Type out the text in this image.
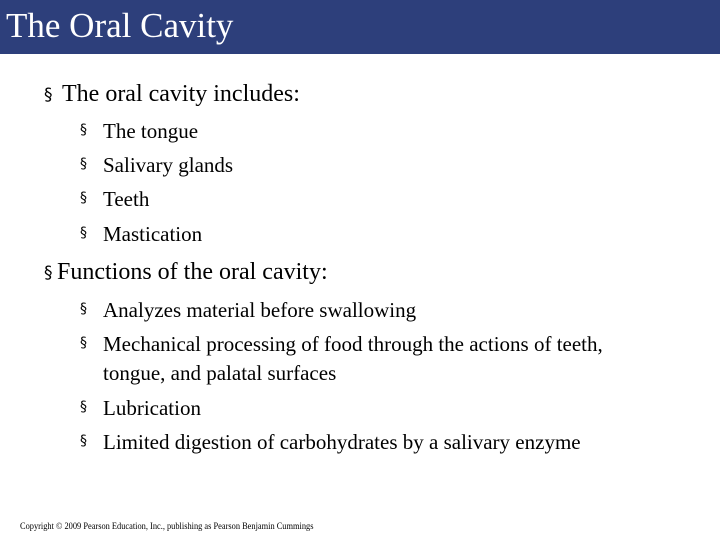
The Oral Cavity
§ The oral cavity includes:
§ The tongue
§ Salivary glands
§ Teeth
§ Mastication
§ Functions of the oral cavity:
§ Analyzes material before swallowing
§ Mechanical processing of food through the actions of teeth,
tongue, and palatal surfaces
§ Lubrication
§ Limited digestion of carbohydrates by a salivary enzyme
Copyright © 2009 Pearson Education, Inc., publishing as Pearson Benjamin Cummings
